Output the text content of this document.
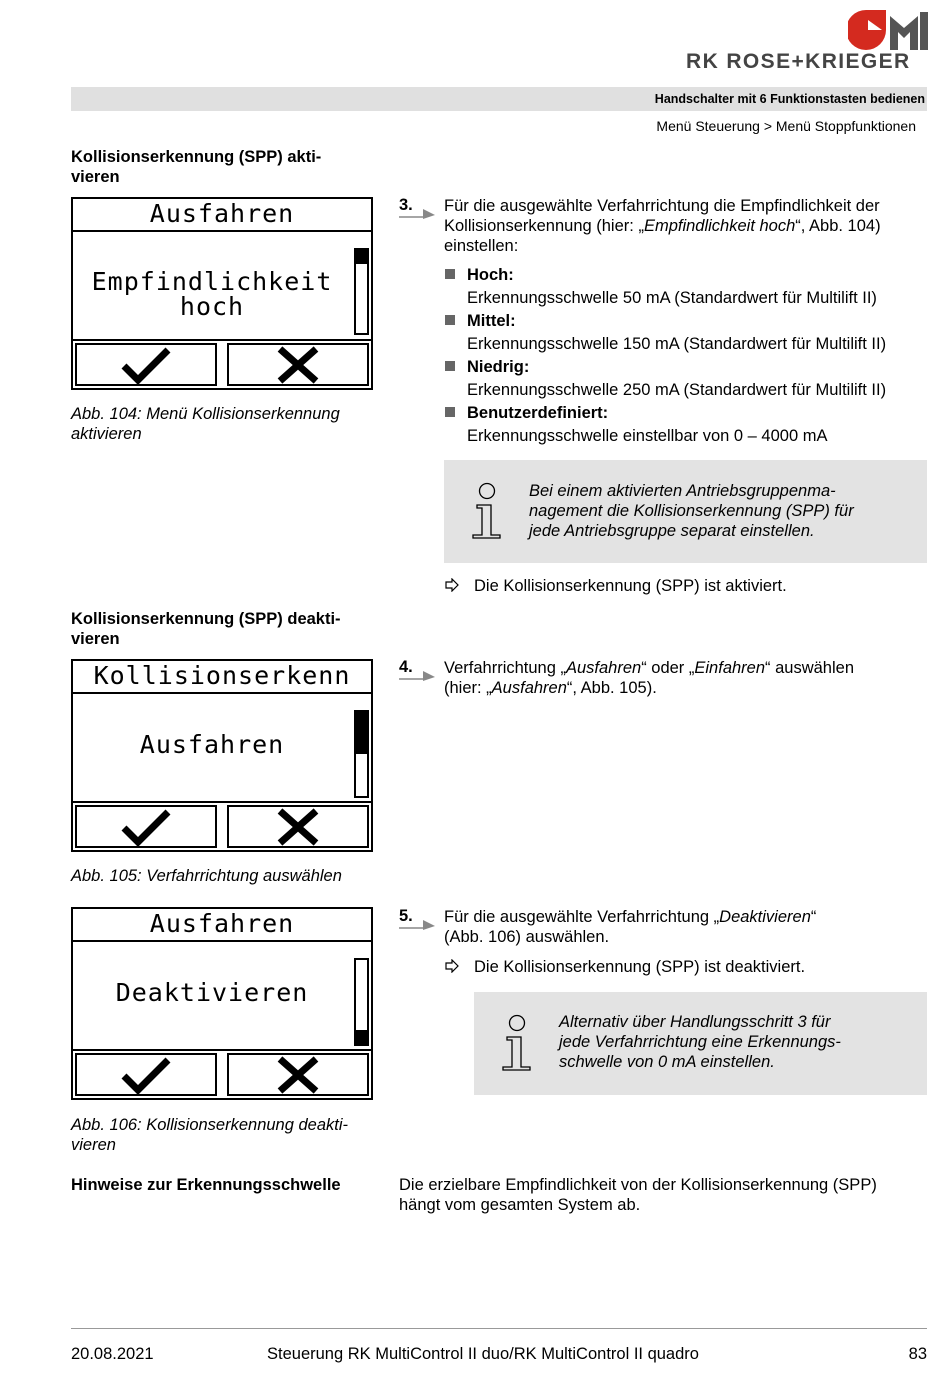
RK ROSE+KRIEGER
Handschalter mit 6 Funktionstasten bedienen
Menü Steuerung > Menü Stoppfunktionen
Kollisionserkennung (SPP) akti-
vieren
Ausfahren
Empfindlichkeit
hoch
Abb. 104: Menü Kollisionserkennung
aktivieren
3. Für die ausgewählte Verfahrrichtung die Empfindlichkeit der
Kollisionserkennung (hier: „Empfindlichkeit hoch“, Abb. 104)
einstellen:
Hoch:
Erkennungsschwelle 50 mA (Standardwert für Multilift II)
Mittel:
Erkennungsschwelle 150 mA (Standardwert für Multilift II)
Niedrig:
Erkennungsschwelle 250 mA (Standardwert für Multilift II)
Benutzerdefiniert:
Erkennungsschwelle einstellbar von 0 – 4000 mA
Bei einem aktivierten Antriebsgruppenma-
nagement die Kollisionserkennung (SPP) für
jede Antriebsgruppe separat einstellen.
Die Kollisionserkennung (SPP) ist aktiviert.
Kollisionserkennung (SPP) deakti-
vieren
Kollisionserkenn
Ausfahren
Abb. 105: Verfahrrichtung auswählen
4. Verfahrrichtung „Ausfahren“ oder „Einfahren“ auswählen
(hier: „Ausfahren“, Abb. 105).
Ausfahren
Deaktivieren
Abb. 106: Kollisionserkennung deakti-
vieren
5. Für die ausgewählte Verfahrrichtung „Deaktivieren“
(Abb. 106) auswählen.
Die Kollisionserkennung (SPP) ist deaktiviert.
Alternativ über Handlungsschritt 3 für
jede Verfahrrichtung eine Erkennungs-
schwelle von 0 mA einstellen.
Hinweise zur Erkennungsschwelle	Die erzielbare Empfindlichkeit von der Kollisionserkennung (SPP)
hängt vom gesamten System ab.
20.08.2021	Steuerung RK MultiControl II duo/RK MultiControl II quadro	83
